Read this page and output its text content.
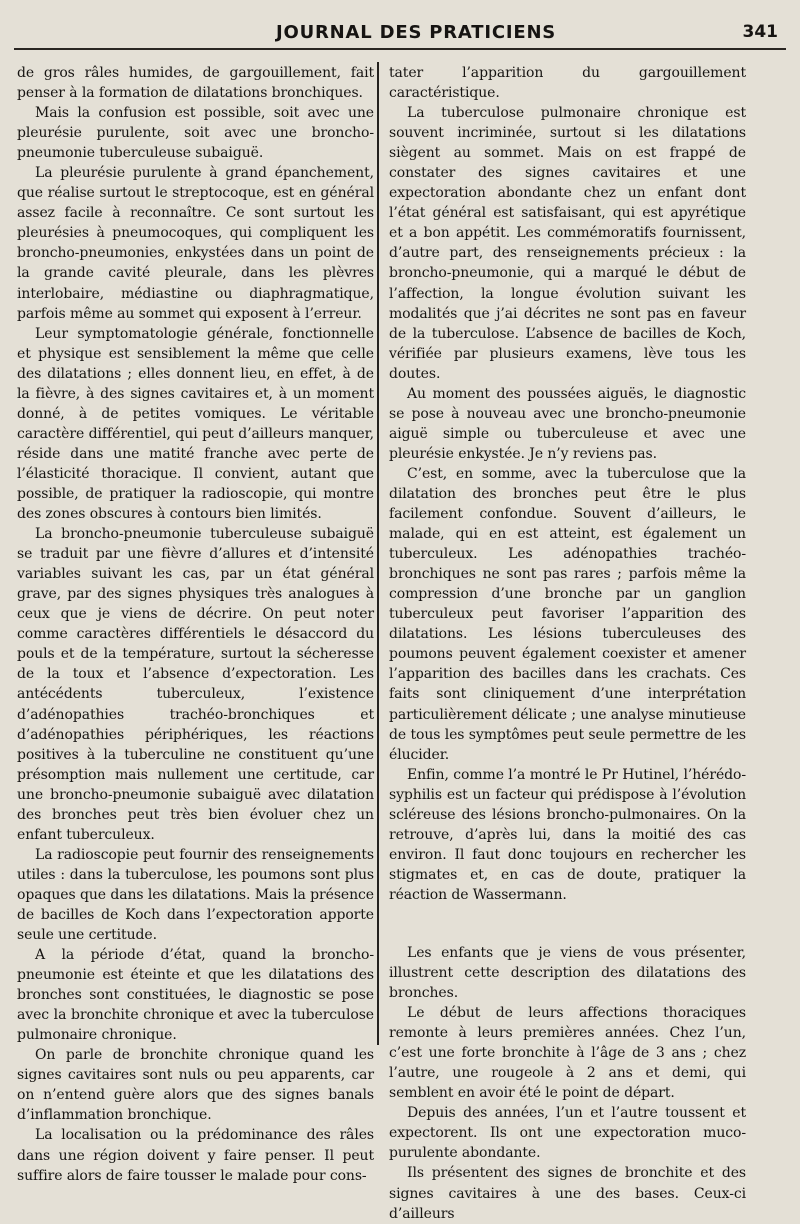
JOURNAL DES PRATICIENS	341

de gros râles humides, de gargouillement, fait penser à la formation de dilatations bronchiques.

Mais la confusion est possible, soit avec une pleurésie purulente, soit avec une broncho-pneumonie tuberculeuse subaiguë.

La pleurésie purulente à grand épanchement, que réalise surtout le streptocoque, est en général assez facile à reconnaître. Ce sont surtout les pleurésies à pneumocoques, qui compliquent les broncho-pneumonies, enkystées dans un point de la grande cavité pleurale, dans les plèvres interlobaire, médiastine ou diaphragmatique, parfois même au sommet qui exposent à l’erreur.

Leur symptomatologie générale, fonctionnelle et physique est sensiblement la même que celle des dilatations ; elles donnent lieu, en effet, à de la fièvre, à des signes cavitaires et, à un moment donné, à de petites vomiques. Le véritable caractère différentiel, qui peut d’ailleurs manquer, réside dans une matité franche avec perte de l’élasticité thoracique. Il convient, autant que possible, de pratiquer la radioscopie, qui montre des zones obscures à contours bien limités.

La broncho-pneumonie tuberculeuse subaiguë se traduit par une fièvre d’allures et d’intensité variables suivant les cas, par un état général grave, par des signes physiques très analogues à ceux que je viens de décrire. On peut noter comme caractères différentiels le désaccord du pouls et de la température, surtout la sécheresse de la toux et l’absence d’expectoration. Les antécédents tuberculeux, l’existence d’adénopathies trachéo-bronchiques et d’adénopathies périphériques, les réactions positives à la tuberculine ne constituent qu’une présomption mais nullement une certitude, car une broncho-pneumonie subaiguë avec dilatation des bronches peut très bien évoluer chez un enfant tuberculeux.

La radioscopie peut fournir des renseignements utiles : dans la tuberculose, les poumons sont plus opaques que dans les dilatations. Mais la présence de bacilles de Koch dans l’expectoration apporte seule une certitude.

A la période d’état, quand la broncho-pneumonie est éteinte et que les dilatations des bronches sont constituées, le diagnostic se pose avec la bronchite chronique et avec la tuberculose pulmonaire chronique.

On parle de bronchite chronique quand les signes cavitaires sont nuls ou peu apparents, car on n’entend guère alors que des signes banals d’inflammation bronchique.

La localisation ou la prédominance des râles dans une région doivent y faire penser. Il peut suffire alors de faire tousser le malade pour cons-

tater l’apparition du gargouillement caractéristique.

La tuberculose pulmonaire chronique est souvent incriminée, surtout si les dilatations siègent au sommet. Mais on est frappé de constater des signes cavitaires et une expectoration abondante chez un enfant dont l’état général est satisfaisant, qui est apyrétique et a bon appétit. Les commémoratifs fournissent, d’autre part, des renseignements précieux : la broncho-pneumonie, qui a marqué le début de l’affection, la longue évolution suivant les modalités que j’ai décrites ne sont pas en faveur de la tuberculose. L’absence de bacilles de Koch, vérifiée par plusieurs examens, lève tous les doutes.

Au moment des poussées aiguës, le diagnostic se pose à nouveau avec une broncho-pneumonie aiguë simple ou tuberculeuse et avec une pleurésie enkystée. Je n’y reviens pas.

C’est, en somme, avec la tuberculose que la dilatation des bronches peut être le plus facilement confondue. Souvent d’ailleurs, le malade, qui en est atteint, est également un tuberculeux. Les adénopathies trachéo-bronchiques ne sont pas rares ; parfois même la compression d’une bronche par un ganglion tuberculeux peut favoriser l’apparition des dilatations. Les lésions tuberculeuses des poumons peuvent également coexister et amener l’apparition des bacilles dans les crachats. Ces faits sont cliniquement d’une interprétation particulièrement délicate ; une analyse minutieuse de tous les symptômes peut seule permettre de les élucider.

Enfin, comme l’a montré le Pr Hutinel, l’hérédo-syphilis est un facteur qui prédispose à l’évolution scléreuse des lésions broncho-pulmonaires. On la retrouve, d’après lui, dans la moitié des cas environ. Il faut donc toujours en rechercher les stigmates et, en cas de doute, pratiquer la réaction de Wassermann.

Les enfants que je viens de vous présenter, illustrent cette description des dilatations des bronches.

Le début de leurs affections thoraciques remonte à leurs premières années. Chez l’un, c’est une forte bronchite à l’âge de 3 ans ; chez l’autre, une rougeole à 2 ans et demi, qui semblent en avoir été le point de départ.

Depuis des années, l’un et l’autre toussent et expectorent. Ils ont une expectoration muco-purulente abondante.

Ils présentent des signes de bronchite et des signes cavitaires à une des bases. Ceux-ci d’ailleurs
